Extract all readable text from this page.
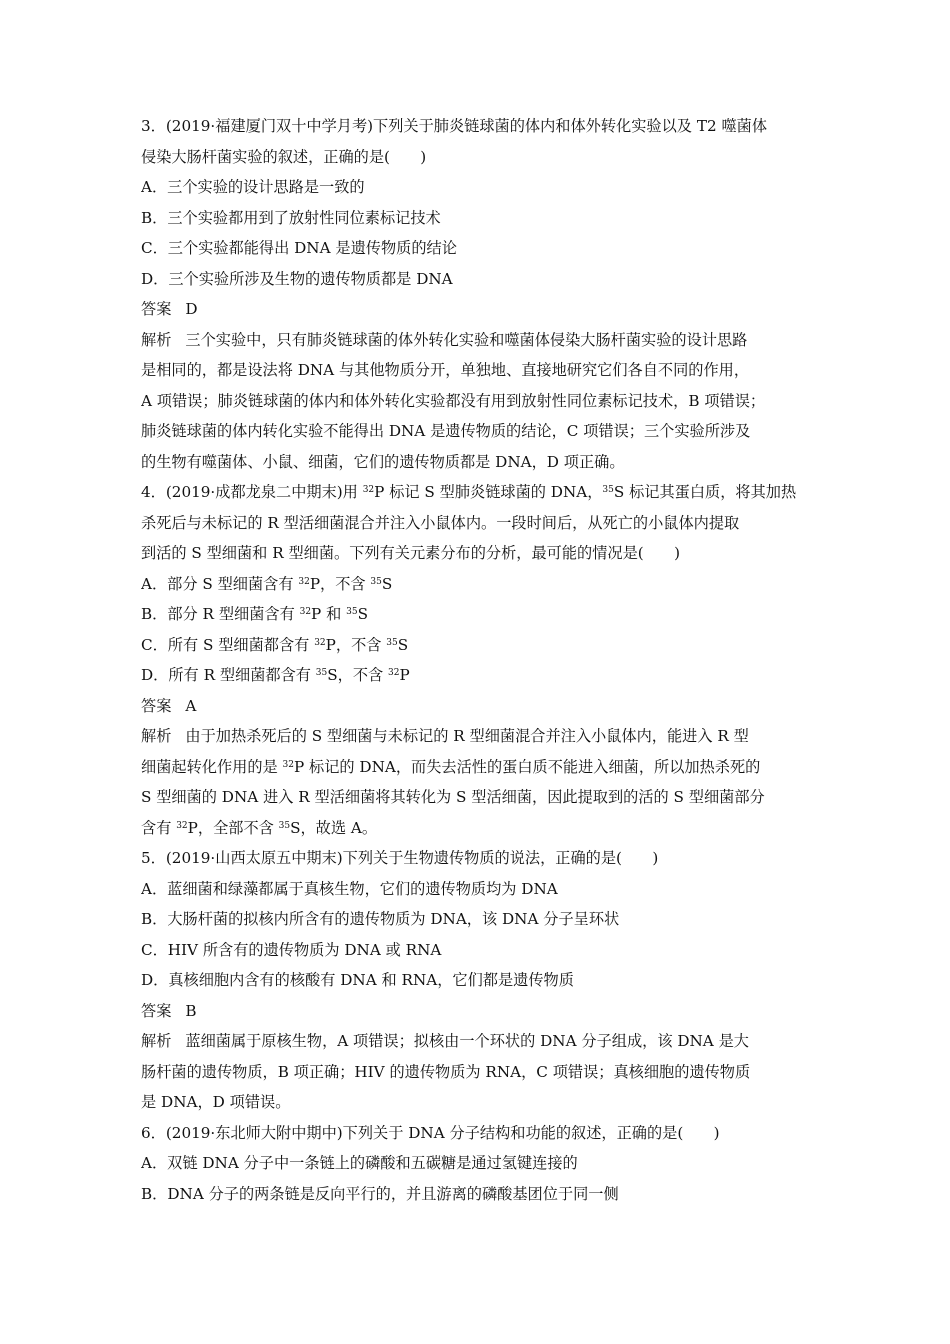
3．(2019·福建厦门双十中学月考)下列关于肺炎链球菌的体内和体外转化实验以及 T2 噬菌体
侵染大肠杆菌实验的叙述，正确的是(　　)
A．三个实验的设计思路是一致的
B．三个实验都用到了放射性同位素标记技术
C．三个实验都能得出 DNA 是遗传物质的结论
D．三个实验所涉及生物的遗传物质都是 DNA
答案 D
解析 三个实验中，只有肺炎链球菌的体外转化实验和噬菌体侵染大肠杆菌实验的设计思路
是相同的，都是设法将 DNA 与其他物质分开，单独地、直接地研究它们各自不同的作用，
A 项错误；肺炎链球菌的体内和体外转化实验都没有用到放射性同位素标记技术，B 项错误；
肺炎链球菌的体内转化实验不能得出 DNA 是遗传物质的结论，C 项错误；三个实验所涉及
的生物有噬菌体、小鼠、细菌，它们的遗传物质都是 DNA，D 项正确。
4．(2019·成都龙泉二中期末)用 $^{32}$P 标记 S 型肺炎链球菌的 DNA，$^{35}$S 标记其蛋白质，将其加热
杀死后与未标记的 R 型活细菌混合并注入小鼠体内。一段时间后，从死亡的小鼠体内提取
到活的 S 型细菌和 R 型细菌。下列有关元素分布的分析，最可能的情况是(　　)
A．部分 S 型细菌含有 $^{32}$P，不含 $^{35}$S
B．部分 R 型细菌含有 $^{32}$P 和 $^{35}$S
C．所有 S 型细菌都含有 $^{32}$P，不含 $^{35}$S
D．所有 R 型细菌都含有 $^{35}$S，不含 $^{32}$P
答案 A
解析 由于加热杀死后的 S 型细菌与未标记的 R 型细菌混合并注入小鼠体内，能进入 R 型
细菌起转化作用的是 $^{32}$P 标记的 DNA，而失去活性的蛋白质不能进入细菌，所以加热杀死的
S 型细菌的 DNA 进入 R 型活细菌将其转化为 S 型活细菌，因此提取到的活的 S 型细菌部分
含有 $^{32}$P，全部不含 $^{35}$S，故选 A。
5．(2019·山西太原五中期末)下列关于生物遗传物质的说法，正确的是(　　)
A．蓝细菌和绿藻都属于真核生物，它们的遗传物质均为 DNA
B．大肠杆菌的拟核内所含有的遗传物质为 DNA，该 DNA 分子呈环状
C．HIV 所含有的遗传物质为 DNA 或 RNA
D．真核细胞内含有的核酸有 DNA 和 RNA，它们都是遗传物质
答案 B
解析 蓝细菌属于原核生物，A 项错误；拟核由一个环状的 DNA 分子组成，该 DNA 是大
肠杆菌的遗传物质，B 项正确；HIV 的遗传物质为 RNA，C 项错误；真核细胞的遗传物质
是 DNA，D 项错误。
6．(2019·东北师大附中期中)下列关于 DNA 分子结构和功能的叙述，正确的是(　　)
A．双链 DNA 分子中一条链上的磷酸和五碳糖是通过氢键连接的
B．DNA 分子的两条链是反向平行的，并且游离的磷酸基团位于同一侧
